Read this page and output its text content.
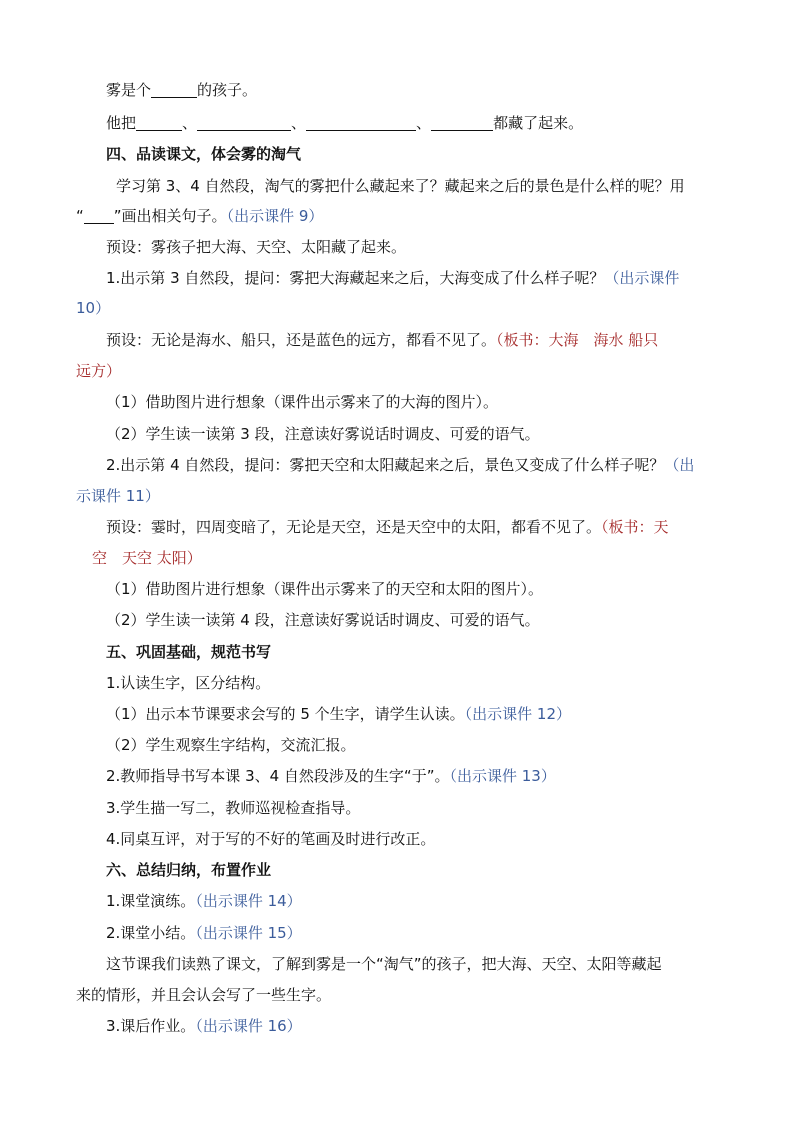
雾是个	的孩子。
他把	、	、	、	都藏了起来。
四、品读课文，体会雾的淘气
学习第 3、4 自然段，淘气的雾把什么藏起来了？藏起来之后的景色是什么样的呢？用
“ ”画出相关句子。（出示课件 9）
预设：雾孩子把大海、天空、太阳藏了起来。
1.出示第 3 自然段，提问：雾把大海藏起来之后，大海变成了什么样子呢？（出示课件
10）
预设：无论是海水、船只，还是蓝色的远方，都看不见了。（板书：大海　海水 船只
远方）
（1）借助图片进行想象（课件出示雾来了的大海的图片）。
（2）学生读一读第 3 段，注意读好雾说话时调皮、可爱的语气。
2.出示第 4 自然段，提问：雾把天空和太阳藏起来之后，景色又变成了什么样子呢？（出
示课件 11）
预设：霎时，四周变暗了，无论是天空，还是天空中的太阳，都看不见了。（板书：天
空　天空 太阳）
（1）借助图片进行想象（课件出示雾来了的天空和太阳的图片）。
（2）学生读一读第 4 段，注意读好雾说话时调皮、可爱的语气。
五、巩固基础，规范书写
1.认读生字，区分结构。
（1）出示本节课要求会写的 5 个生字，请学生认读。（出示课件 12）
（2）学生观察生字结构，交流汇报。
2.教师指导书写本课 3、4 自然段涉及的生字“于”。（出示课件 13）
3.学生描一写二，教师巡视检查指导。
4.同桌互评，对于写的不好的笔画及时进行改正。
六、总结归纳，布置作业
1.课堂演练。（出示课件 14）
2.课堂小结。（出示课件 15）
这节课我们读熟了课文，了解到雾是一个“淘气”的孩子，把大海、天空、太阳等藏起
来的情形，并且会认会写了一些生字。
3.课后作业。（出示课件 16）
